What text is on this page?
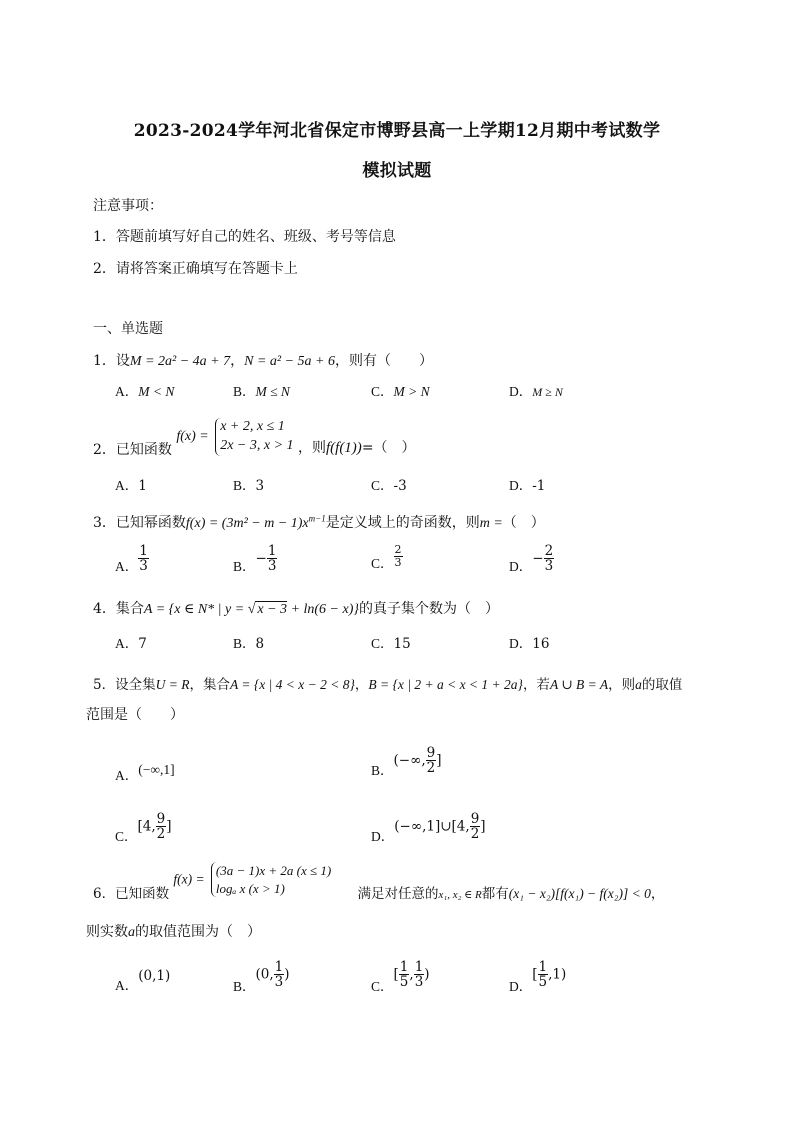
2023-2024学年河北省保定市博野县高一上学期12月期中考试数学
模拟试题
注意事项：
1．答题前填写好自己的姓名、班级、考号等信息
2．请将答案正确填写在答题卡上
一、单选题
1．设M = 2a² − 4a + 7，N = a² − 5a + 6，则有（　　）
A．M < N	B．M ≤ N	C．M > N	D．M ≥ N
2．已知函数 f(x) =
x + 2, x ≤ 1
2x − 3, x > 1 ，则f(f(1))=（　）
A．1	B．3	C．-3	D．-1
3．已知幂函数$f(x) = (3m^2 - m - 1)x^{m-1}$是定义域上的奇函数，则m =（　）
A． $\frac{1}{3}$	B．− $\frac{1}{3}$	C． $\frac{2}{3}$	D．− $\frac{2}{3}$
4．集合A = {x ∈ N* | y = √ x − 3 + ln(6 − x)}的真子集个数为（　）
A．7	B．8	C．15	D．16
5．设全集U = R，集合A = {x | 4 < x − 2 < 8}，B = {x | 2 + a < x < 1 + 2a}，若A ∪ B = A，则a的取值
范围是（　　）
A．(−∞,1]	B．(−∞, $\frac{9}{2}$ ]
C．[4, $\frac{9}{2}$ ]
D．(−∞,1]∪[4, $\frac{9}{2}$ ]
6．已知函数 f(x) =
(3a − 1)x + 2a (x ≤ 1)
logₐ x (x > 1)	满足对任意的x₁, x₂ ∈ R都有(x₁ − x₂)[f(x₁) − f(x₂)] < 0，
则实数a的取值范围为（　）
A．(0,1)
B．(0, $\frac{1}{3}$ )
C．[ $\frac{1}{5}$ , $\frac{1}{3}$ )
D．[ $\frac{1}{5} ,1$)
